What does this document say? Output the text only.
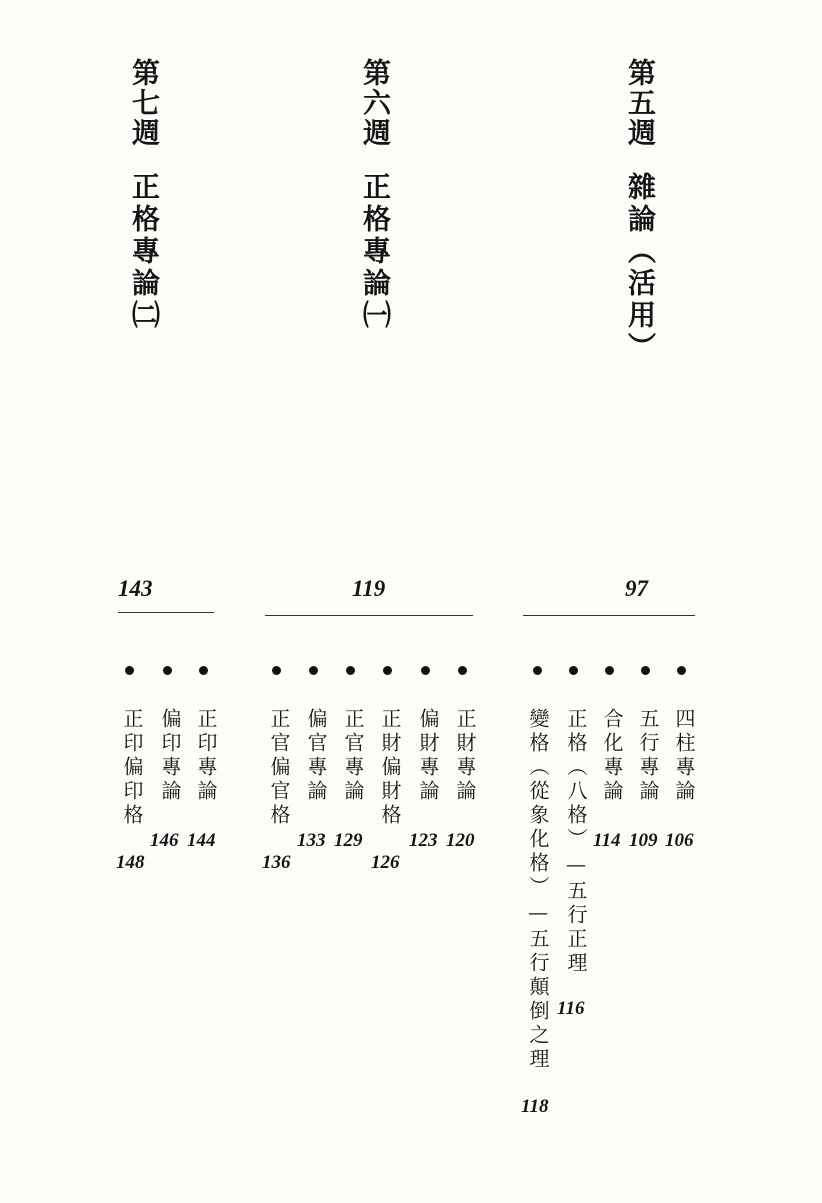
第五週
雜論︵活用︶
第六週
正格專論㈠
第七週
正格專論㈡
97
119
143
四柱專論
106
五行專論
109
合化專論
114
正格︵八格︶—五行正理
116
變格︵從象化格︶—五行顛倒之理
118
正財專論
120
偏財專論
123
正財偏財格
126
正官專論
129
偏官專論
133
正官偏官格
136
正印專論
144
偏印專論
146
正印偏印格
148
